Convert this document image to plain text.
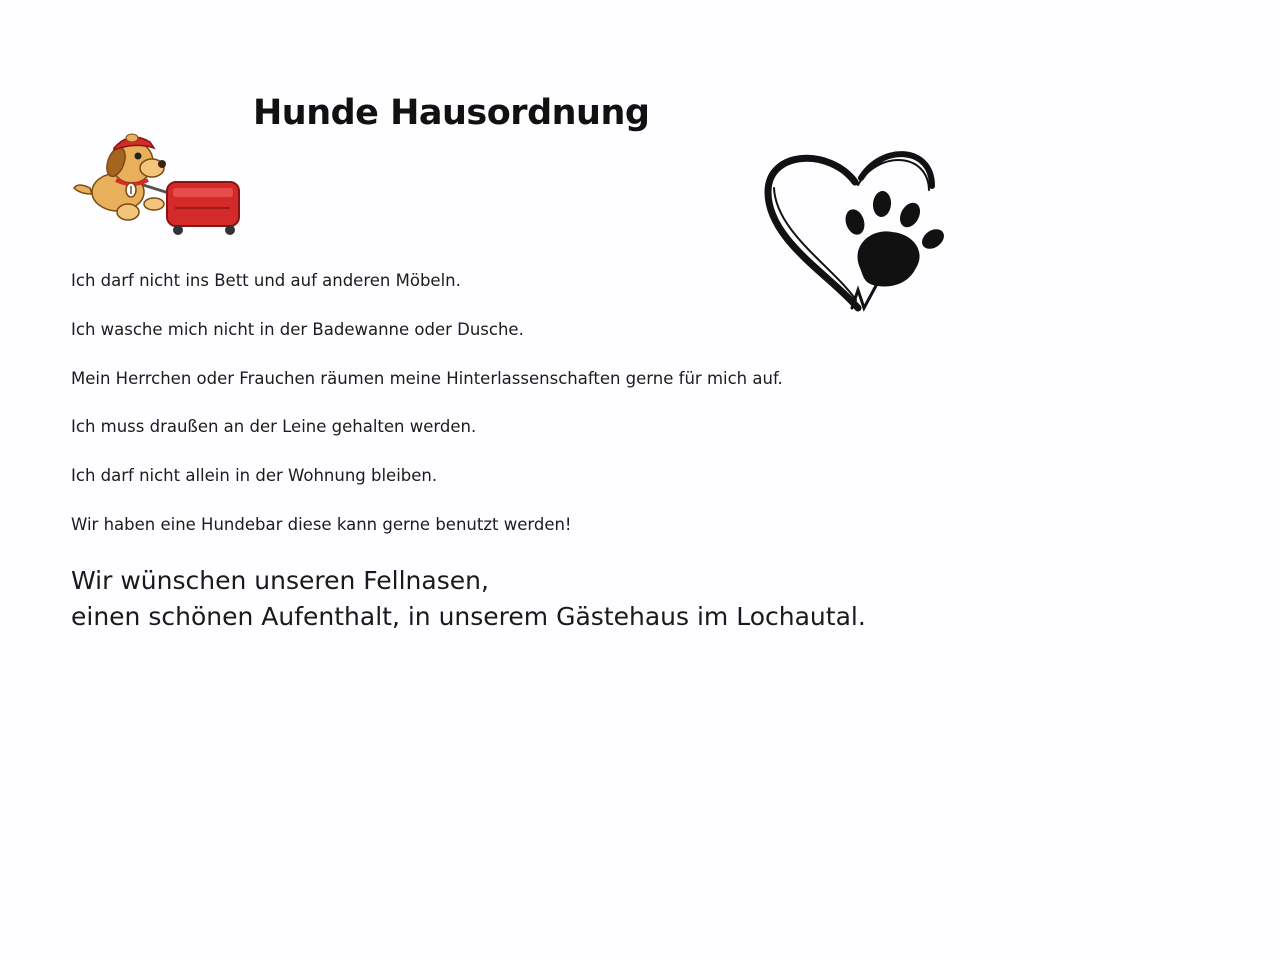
Hunde Hausordnung
Ich darf nicht ins Bett und auf anderen Möbeln.
Ich wasche mich nicht in der Badewanne oder Dusche.
Mein Herrchen oder Frauchen räumen meine Hinterlassenschaften gerne für mich auf.
Ich muss draußen an der Leine gehalten werden.
Ich darf nicht allein in der Wohnung bleiben.
Wir haben eine Hundebar diese kann gerne benutzt werden!

Wir wünschen unseren Fellnasen,
einen schönen Aufenthalt, in unserem Gästehaus im Lochautal.
